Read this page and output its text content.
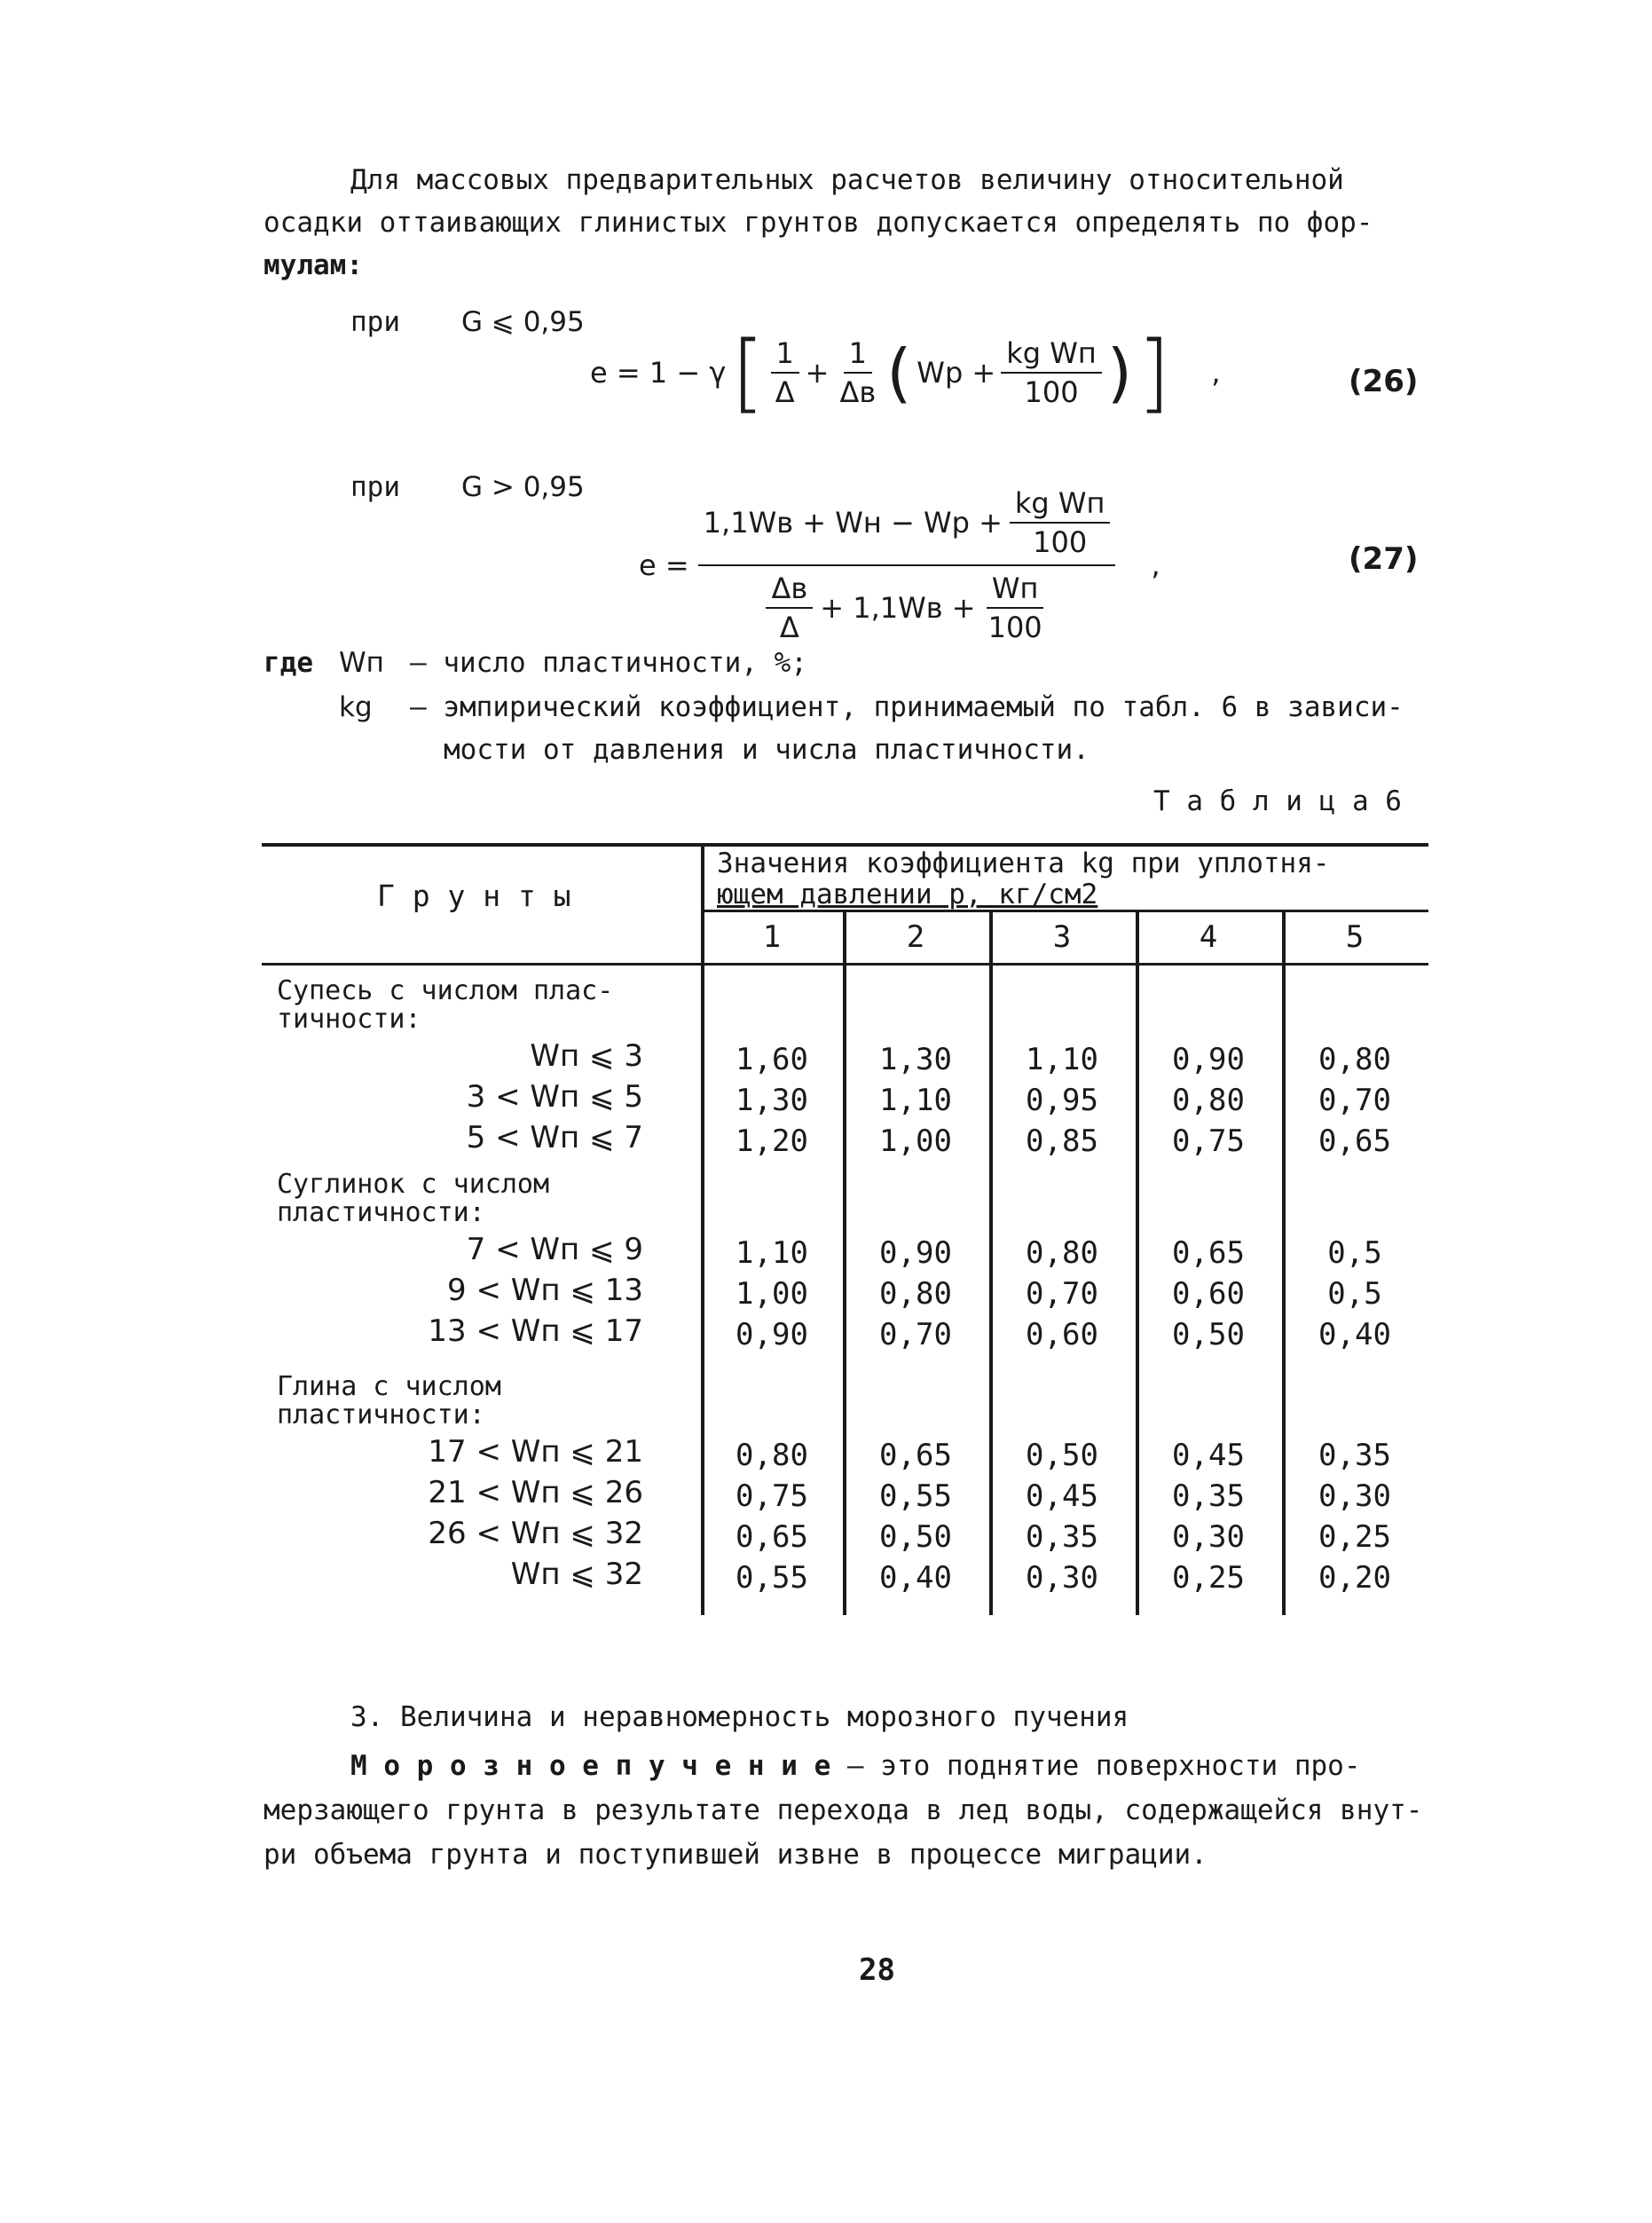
Для массовых предварительных расчетов величину относительной
осадки оттаивающих глинистых грунтов допускается определять по фор-
мулам:
при G ⩽ 0,95
e = 1 − γ [ $\frac{1}{\Delta} + \frac{1}{\Delta в}$ ( Wр + $\frac{\text{kg Wп}}{100}$ ) ] ,	(26)
при G > 0,95
$e = \frac{1,1Wв + Wн - Wр + \frac{\text{kg Wп}}{100}}{\frac{\Delta в}{\Delta} + 1,1Wв + \frac{Wп}{100}}$ ,	(27)
где Wп – число пластичности, %;
kg – эмпирический коэффициент, принимаемый по табл. 6 в зависи-
мости от давления и числа пластичности.
Т а б л и ц а 6
Г р у н т ы
Значения коэффициента kg при уплотня-
ющем давлении p, кг/см2
1	2	3	4	5
Супесь с числом плас-
тичности:
Wп ⩽ 3	1,60	1,30	1,10	0,90	0,80
3 < Wп ⩽ 5	1,30	1,10	0,95	0,80	0,70
5 < Wп ⩽ 7	1,20	1,00	0,85	0,75	0,65
Суглинок с числом
пластичности:
7 < Wп ⩽ 9	1,10	0,90	0,80	0,65	0,5
9 < Wп ⩽ 13	1,00	0,80	0,70	0,60	0,5
13 < Wп ⩽ 17	0,90	0,70	0,60	0,50	0,40
Глина с числом
пластичности:
17 < Wп ⩽ 21	0,80	0,65	0,50	0,45	0,35
21 < Wп ⩽ 26	0,75	0,55	0,45	0,35	0,30
26 < Wп ⩽ 32	0,65	0,50	0,35	0,30	0,25
Wп ⩽ 32	0,55	0,40	0,30	0,25	0,20
3. Величина и неравномерность морозного пучения
М о р о з н о е п у ч е н и е – это поднятие поверхности про-
мерзающего грунта в результате перехода в лед воды, содержащейся внут-
ри объема грунта и поступившей извне в процессе миграции.
28
